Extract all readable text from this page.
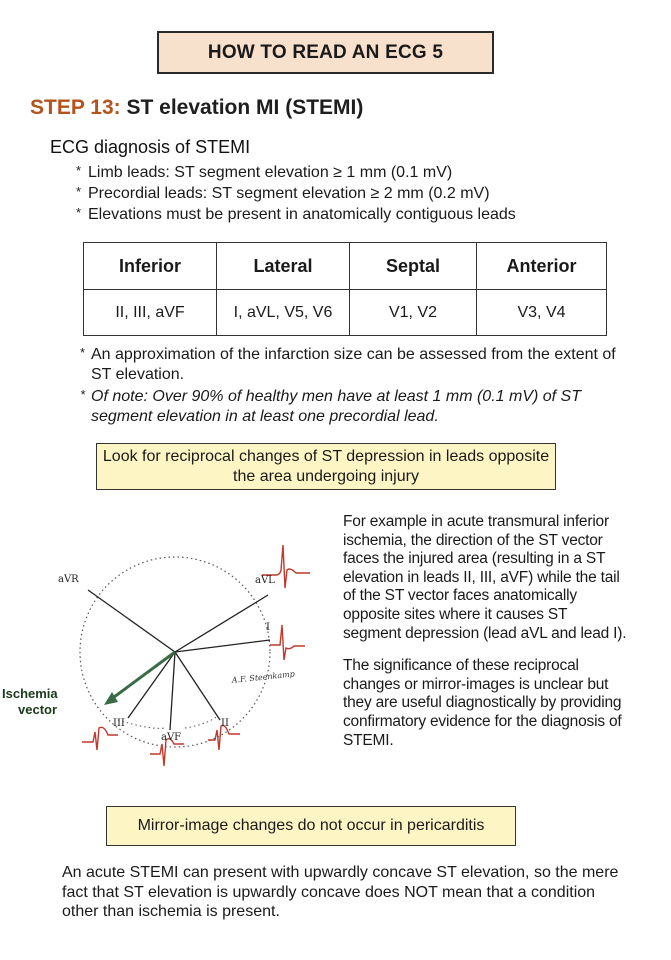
HOW TO READ AN ECG 5
STEP 13: ST elevation MI (STEMI)
ECG diagnosis of STEMI
* Limb leads: ST segment elevation ≥ 1 mm (0.1 mV)
* Precordial leads: ST segment elevation ≥ 2 mm (0.2 mV)
* Elevations must be present in anatomically contiguous leads
Inferior	Lateral	Septal	Anterior
II, III, aVF	I, aVL, V5, V6	V1, V2	V3, V4
* An approximation of the infarction size can be assessed from the extent of ST elevation.
* Of note: Over 90% of healthy men have at least 1 mm (0.1 mV) of ST segment elevation in at least one precordial lead.
Look for reciprocal changes of ST depression in leads opposite the area undergoing injury
aVR	aVL
I
II
III
aVF
Ischemia vector
A.F. Steenkamp

For example in acute transmural inferior ischemia, the direction of the ST vector faces the injured area (resulting in a ST elevation in leads II, III, aVF) while the tail of the ST vector faces anatomically opposite sites where it causes ST segment depression (lead aVL and lead I).

The significance of these reciprocal changes or mirror-images is unclear but they are useful diagnostically by providing confirmatory evidence for the diagnosis of STEMI.

Mirror-image changes do not occur in pericarditis
An acute STEMI can present with upwardly concave ST elevation, so the mere fact that ST elevation is upwardly concave does NOT mean that a condition other than ischemia is present.
